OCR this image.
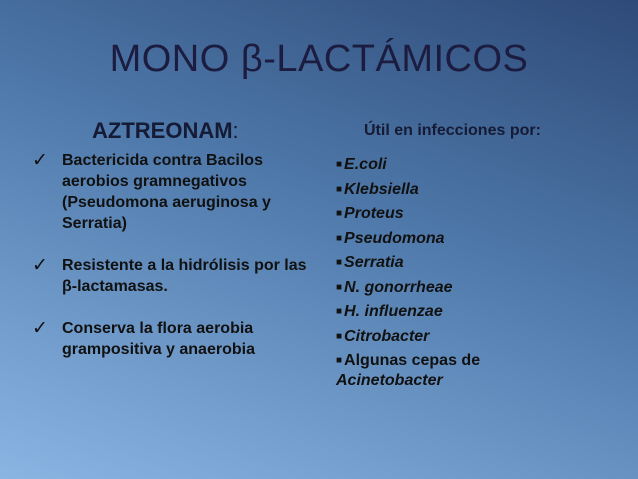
MONO β-LACTÁMICOS
AZTREONAM:	Útil en infecciones por:
✓ Bactericida contra Bacilos aerobios gramnegativos (Pseudomona aeruginosa y Serratia)
✓ Resistente a la hidrólisis por las β-lactamasas.
✓ Conserva la flora aerobia grampositiva y anaerobia
■ E.coli
■ Klebsiella
■ Proteus
■ Pseudomona
■ Serratia
■ N. gonorrheae
■ H. influenzae
■ Citrobacter
■ Algunas cepas de
Acinetobacter
